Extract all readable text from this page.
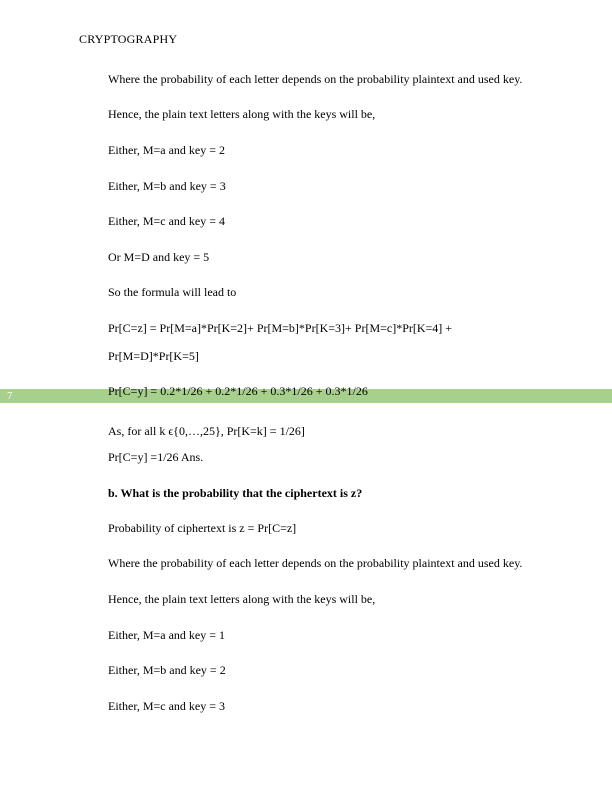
CRYPTOGRAPHY
7
Where the probability of each letter depends on the probability plaintext and used key.
Hence, the plain text letters along with the keys will be,
Either, M=a and key = 2
Either, M=b and key = 3
Either, M=c and key = 4
Or M=D and key = 5
So the formula will lead to
Pr[C=z] = Pr[M=a]*Pr[K=2]+ Pr[M=b]*Pr[K=3]+ Pr[M=c]*Pr[K=4] +
Pr[M=D]*Pr[K=5]
Pr[C=y] = 0.2*1/26 + 0.2*1/26 + 0.3*1/26 + 0.3*1/26
As, for all k ϵ{0,…,25}, Pr[K=k] = 1/26]
Pr[C=y] =1/26 Ans.
b. What is the probability that the ciphertext is z?
Probability of ciphertext is z = Pr[C=z]
Where the probability of each letter depends on the probability plaintext and used key.
Hence, the plain text letters along with the keys will be,
Either, M=a and key = 1
Either, M=b and key = 2
Either, M=c and key = 3
